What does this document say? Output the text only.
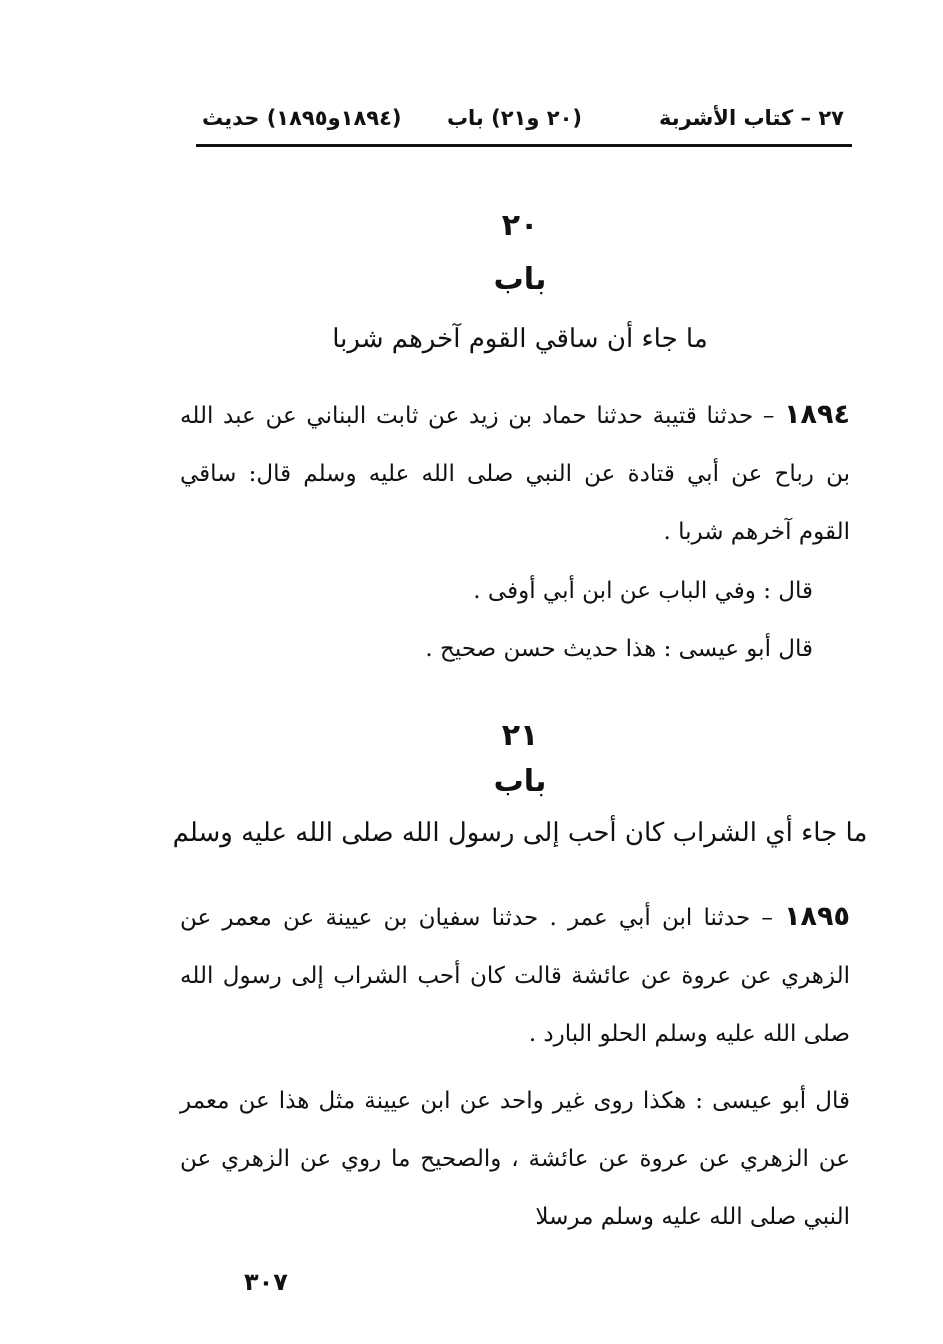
٢٧ – كتاب الأشربة
(٢٠ و٢١) باب
(١٨٩٤و١٨٩٥) حديث
٢٠
باب
ما جاء أن ساقي القوم آخرهم شربا
١٨٩٤ – حدثنا قتيبة حدثنا حماد بن زيد عن ثابت البناني عن عبد الله بن رباح عن أبي قتادة عن النبي صلى الله عليه وسلم قال: ساقي القوم آخرهم شربا .
قال : وفي الباب عن ابن أبي أوفى .
قال أبو عيسى : هذا حديث حسن صحيح .
٢١
باب
ما جاء أي الشراب كان أحب إلى رسول الله صلى الله عليه وسلم
١٨٩٥ – حدثنا ابن أبي عمر . حدثنا سفيان بن عيينة عن معمر عن الزهري عن عروة عن عائشة قالت كان أحب الشراب إلى رسول الله صلى الله عليه وسلم الحلو البارد .
قال أبو عيسى : هكذا روى غير واحد عن ابن عيينة مثل هذا عن معمر عن الزهري عن عروة عن عائشة ، والصحيح ما روي عن الزهري عن النبي صلى الله عليه وسلم مرسلا
٣٠٧
